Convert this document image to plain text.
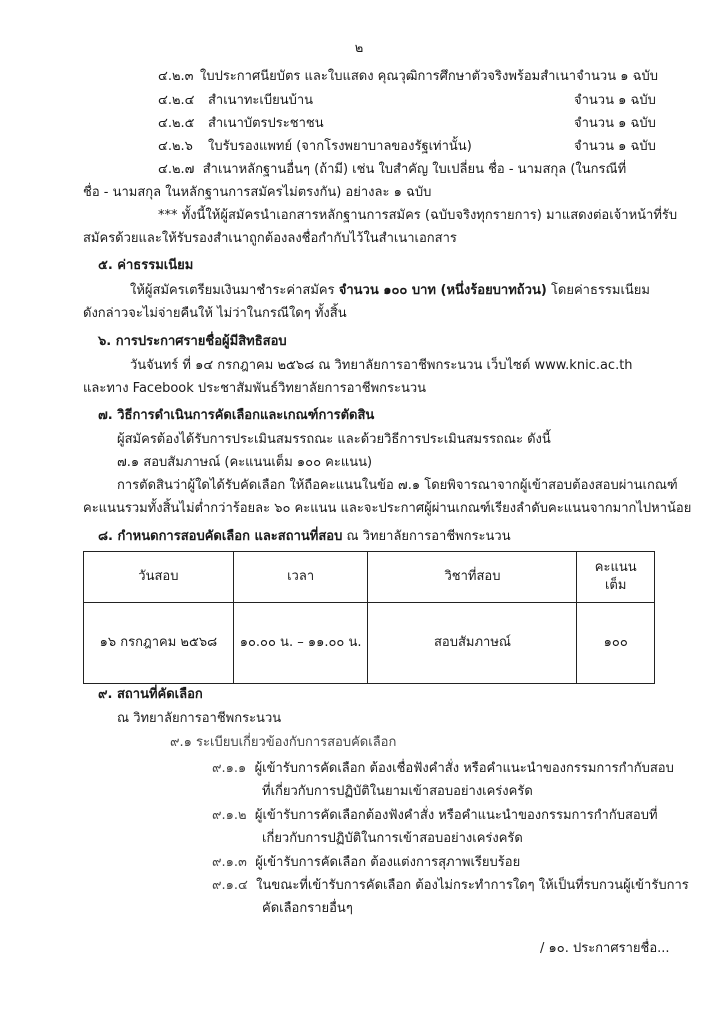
๒
๔.๒.๓ ใบประกาศนียบัตร และใบแสดง คุณวุฒิการศึกษาตัวจริงพร้อมสำเนา จำนวน ๑ ฉบับ
๔.๒.๔	สำเนาทะเบียนบ้าน	จำนวน ๑ ฉบับ
๔.๒.๕	สำเนาบัตรประชาชน	จำนวน ๑ ฉบับ
๔.๒.๖	ใบรับรองแพทย์ (จากโรงพยาบาลของรัฐเท่านั้น)	จำนวน ๑ ฉบับ
๔.๒.๗ สำเนาหลักฐานอื่นๆ (ถ้ามี) เช่น ใบสำคัญ ใบเปลี่ยน ชื่อ - นามสกุล (ในกรณีที่
ชื่อ - นามสกุล ในหลักฐานการสมัครไม่ตรงกัน) อย่างละ ๑ ฉบับ
*** ทั้งนี้ให้ผู้สมัครนำเอกสารหลักฐานการสมัคร (ฉบับจริงทุกรายการ) มาแสดงต่อเจ้าหน้าที่รับ
สมัครด้วยและให้รับรองสำเนาถูกต้องลงชื่อกำกับไว้ในสำเนาเอกสาร
๕. ค่าธรรมเนียม
ให้ผู้สมัครเตรียมเงินมาชำระค่าสมัคร จำนวน ๑๐๐ บาท (หนึ่งร้อยบาทถ้วน) โดยค่าธรรมเนียม
ดังกล่าวจะไม่จ่ายคืนให้ ไม่ว่าในกรณีใดๆ ทั้งสิ้น
๖. การประกาศรายชื่อผู้มีสิทธิสอบ
วันจันทร์ ที่ ๑๔ กรกฎาคม ๒๕๖๘ ณ วิทยาลัยการอาชีพกระนวน เว็บไซต์ www.knic.ac.th
และทาง Facebook ประชาสัมพันธ์วิทยาลัยการอาชีพกระนวน
๗. วิธีการดำเนินการคัดเลือกและเกณฑ์การตัดสิน
ผู้สมัครต้องได้รับการประเมินสมรรถณะ และด้วยวิธีการประเมินสมรรถณะ ดังนี้
๗.๑ สอบสัมภาษณ์ (คะแนนเต็ม ๑๐๐ คะแนน)
การตัดสินว่าผู้ใดได้รับคัดเลือก ให้ถือคะแนนในข้อ ๗.๑ โดยพิจารณาจากผู้เข้าสอบต้องสอบผ่านเกณฑ์
คะแนนรวมทั้งสิ้นไม่ต่ำกว่าร้อยละ ๖๐ คะแนน และจะประกาศผู้ผ่านเกณฑ์เรียงลำดับคะแนนจากมากไปหาน้อย
๘. กำหนดการสอบคัดเลือก และสถานที่สอบ ณ วิทยาลัยการอาชีพกระนวน
วันสอบ	เวลา	วิชาที่สอบ	คะแนน
เต็ม

๑๖ กรกฎาคม ๒๕๖๘	๑๐.๐๐ น. – ๑๑.๐๐ น.	สอบสัมภาษณ์	๑๐๐
๙. สถานที่คัดเลือก
ณ วิทยาลัยการอาชีพกระนวน
๙.๑ ระเบียบเกี่ยวข้องกับการสอบคัดเลือก
๙.๑.๑ ผู้เข้ารับการคัดเลือก ต้องเชื่อฟังคำสั่ง หรือคำแนะนำของกรรมการกำกับสอบ
ที่เกี่ยวกับการปฏิบัติในยามเข้าสอบอย่างเคร่งครัด
๙.๑.๒ ผู้เข้ารับการคัดเลือกต้องฟังคำสั่ง หรือคำแนะนำของกรรมการกำกับสอบที่
เกี่ยวกับการปฏิบัติในการเข้าสอบอย่างเคร่งครัด
๙.๑.๓ ผู้เข้ารับการคัดเลือก ต้องแต่งการสุภาพเรียบร้อย
๙.๑.๔ ในขณะที่เข้ารับการคัดเลือก ต้องไม่กระทำการใดๆ ให้เป็นที่รบกวนผู้เข้ารับการ
คัดเลือกรายอื่นๆ
/ ๑๐. ประกาศรายชื่อ...
